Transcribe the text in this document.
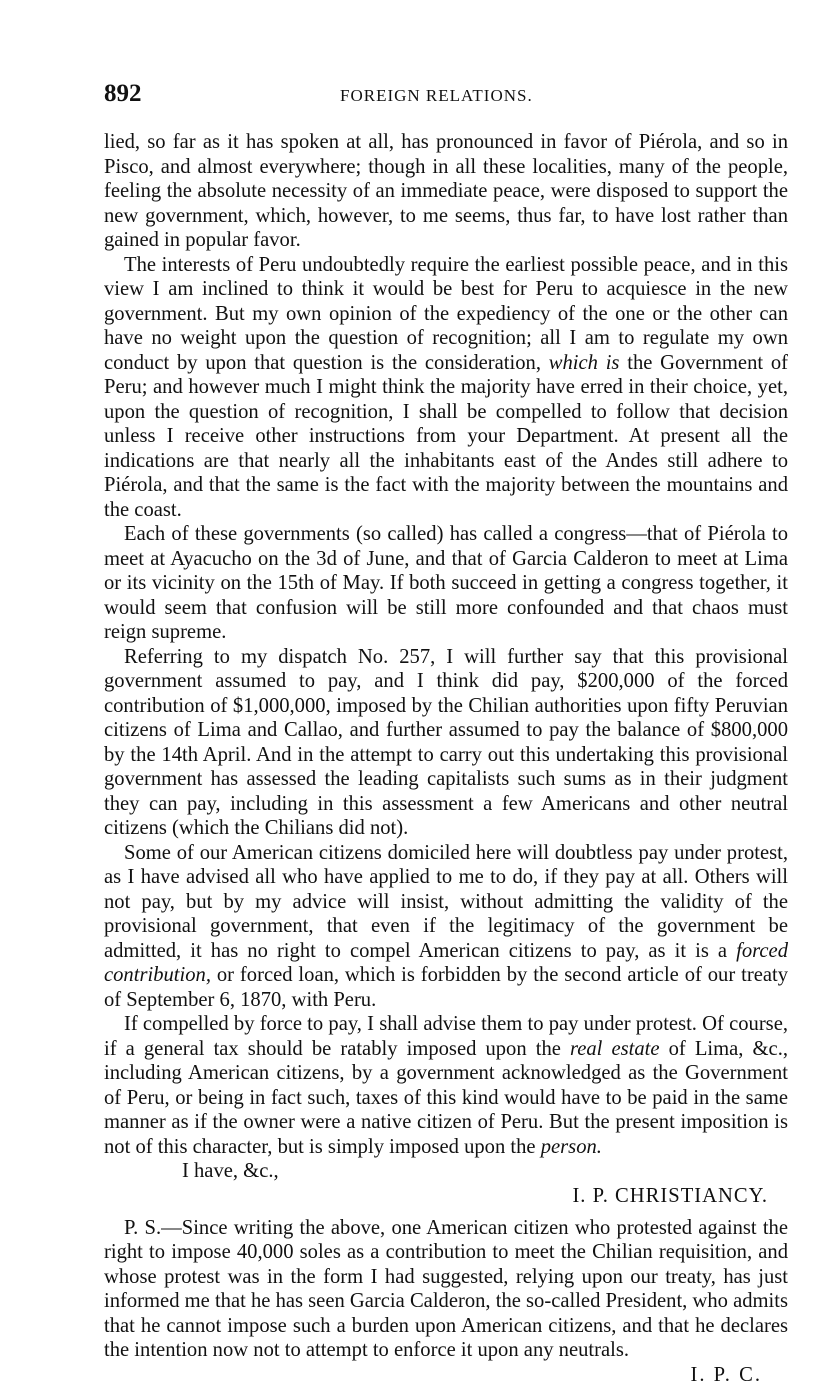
892	FOREIGN RELATIONS.

lied, so far as it has spoken at all, has pronounced in favor of Piérola, and so in Pisco, and almost everywhere; though in all these localities, many of the people, feeling the absolute necessity of an immediate peace, were disposed to support the new government, which, however, to me seems, thus far, to have lost rather than gained in popular favor.

The interests of Peru undoubtedly require the earliest possible peace, and in this view I am inclined to think it would be best for Peru to acquiesce in the new government. But my own opinion of the expediency of the one or the other can have no weight upon the question of recognition; all I am to regulate my own conduct by upon that question is the consideration, which is the Government of Peru; and however much I might think the majority have erred in their choice, yet, upon the question of recognition, I shall be compelled to follow that decision unless I receive other instructions from your Department. At present all the indications are that nearly all the inhabitants east of the Andes still adhere to Piérola, and that the same is the fact with the majority between the mountains and the coast.

Each of these governments (so called) has called a congress—that of Piérola to meet at Ayacucho on the 3d of June, and that of Garcia Calderon to meet at Lima or its vicinity on the 15th of May. If both succeed in getting a congress together, it would seem that confusion will be still more confounded and that chaos must reign supreme.

Referring to my dispatch No. 257, I will further say that this provisional government assumed to pay, and I think did pay, $200,000 of the forced contribution of $1,000,000, imposed by the Chilian authorities upon fifty Peruvian citizens of Lima and Callao, and further assumed to pay the balance of $800,000 by the 14th April. And in the attempt to carry out this undertaking this provisional government has assessed the leading capitalists such sums as in their judgment they can pay, including in this assessment a few Americans and other neutral citizens (which the Chilians did not).

Some of our American citizens domiciled here will doubtless pay under protest, as I have advised all who have applied to me to do, if they pay at all. Others will not pay, but by my advice will insist, without admitting the validity of the provisional government, that even if the legitimacy of the government be admitted, it has no right to compel American citizens to pay, as it is a forced contribution, or forced loan, which is forbidden by the second article of our treaty of September 6, 1870, with Peru.

If compelled by force to pay, I shall advise them to pay under protest. Of course, if a general tax should be ratably imposed upon the real estate of Lima, &c., including American citizens, by a government acknowledged as the Government of Peru, or being in fact such, taxes of this kind would have to be paid in the same manner as if the owner were a native citizen of Peru. But the present imposition is not of this character, but is simply imposed upon the person.

I have, &c.,

I. P. CHRISTIANCY.

P. S.—Since writing the above, one American citizen who protested against the right to impose 40,000 soles as a contribution to meet the Chilian requisition, and whose protest was in the form I had suggested, relying upon our treaty, has just informed me that he has seen Garcia Calderon, the so-called President, who admits that he cannot impose such a burden upon American citizens, and that he declares the intention now not to attempt to enforce it upon any neutrals.

I. P. C.
